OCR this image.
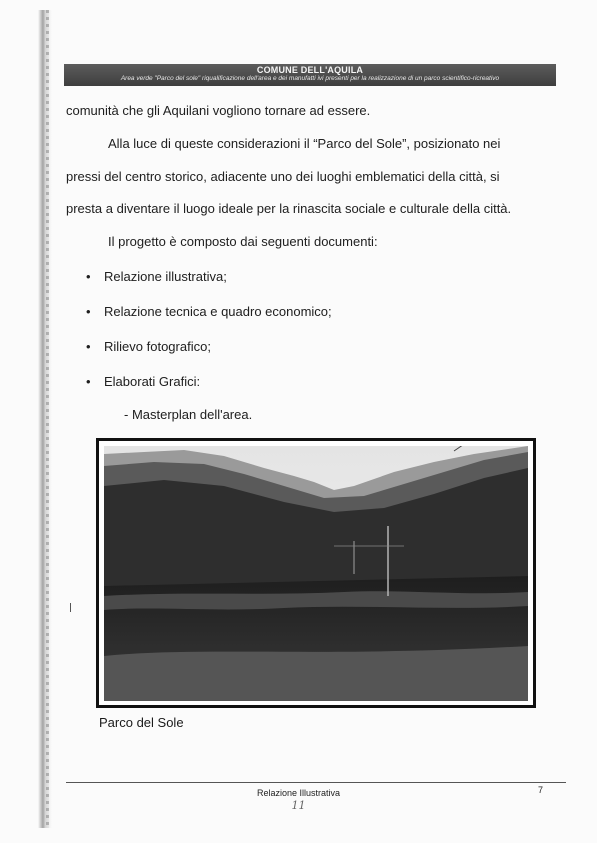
COMUNE DELL'AQUILA
Area verde "Parco del sole" riqualificazione dell'area e dei manufatti ivi presenti per la realizzazione di un parco scientifico-ricreativo
comunità che gli Aquilani vogliono tornare ad essere.
Alla luce di queste considerazioni il “Parco del Sole”, posizionato nei
pressi del centro storico, adiacente uno dei luoghi emblematici della città, si
presta a diventare il luogo ideale per la rinascita sociale e culturale della città.
Il progetto è composto dai seguenti documenti:
• Relazione illustrativa;
• Relazione tecnica e quadro economico;
• Rilievo fotografico;
• Elaborati Grafici:
- Masterplan dell'area.
Parco del Sole
Relazione Illustrativa	7
11
